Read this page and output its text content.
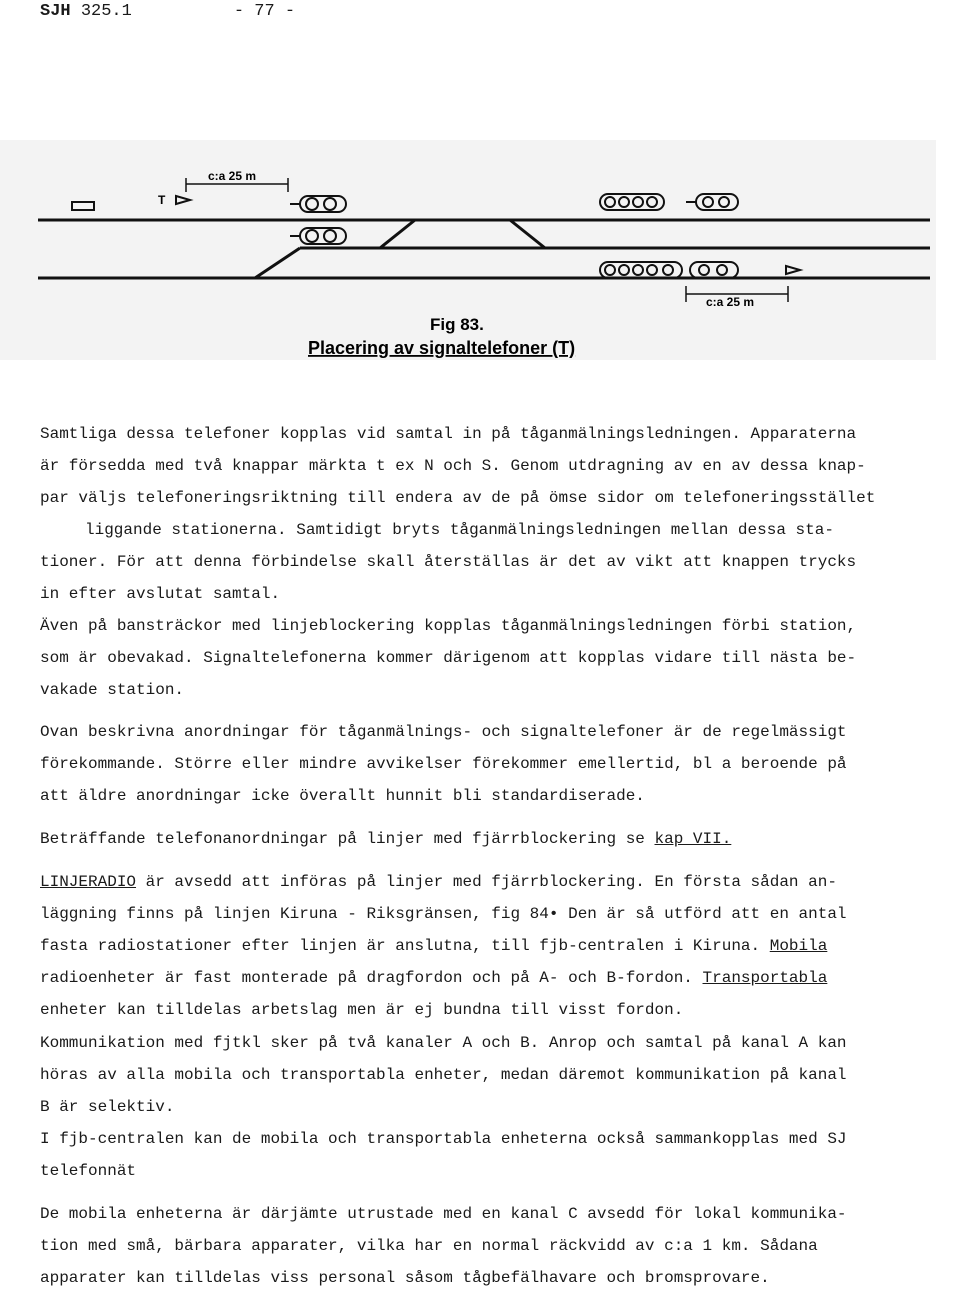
SJH 325.1	- 77 -
T
c:a 25 m
c:a 25 m
Fig 83.
Placering av signaltelefoner (T)
Samtliga dessa telefoner kopplas vid samtal in på tåganmälningsledningen. Apparaterna
är försedda med två knappar märkta t ex N och S. Genom utdragning av en av dessa knap-
par väljs telefoneringsriktning till endera av de på ömse sidor om telefoneringsstället
liggande stationerna. Samtidigt bryts tåganmälningsledningen mellan dessa sta-
tioner. För att denna förbindelse skall återställas är det av vikt att knappen trycks
in efter avslutat samtal.
Även på bansträckor med linjeblockering kopplas tåganmälningsledningen förbi station,
som är obevakad. Signaltelefonerna kommer därigenom att kopplas vidare till nästa be-
vakade station.
Ovan beskrivna anordningar för tåganmälnings- och signaltelefoner är de regelmässigt
förekommande. Större eller mindre avvikelser förekommer emellertid, bl a beroende på
att äldre anordningar icke överallt hunnit bli standardiserade.
Beträffande telefonanordningar på linjer med fjärrblockering se kap VII.
LINJERADIO är avsedd att införas på linjer med fjärrblockering. En första sådan an-
läggning finns på linjen Kiruna - Riksgränsen, fig 84• Den är så utförd att en antal
fasta radiostationer efter linjen är anslutna, till fjb-centralen i Kiruna. Mobila
radioenheter är fast monterade på dragfordon och på A- och B-fordon. Transportabla
enheter kan tilldelas arbetslag men är ej bundna till visst fordon.
Kommunikation med fjtkl sker på två kanaler A och B. Anrop och samtal på kanal A kan
höras av alla mobila och transportabla enheter, medan däremot kommunikation på kanal
B är selektiv.
I fjb-centralen kan de mobila och transportabla enheterna också sammankopplas med SJ
telefonnät
De mobila enheterna är därjämte utrustade med en kanal C avsedd för lokal kommunika-
tion med små, bärbara apparater, vilka har en normal räckvidd av c:a 1 km. Sådana
apparater kan tilldelas viss personal såsom tågbefälhavare och bromsprovare.
